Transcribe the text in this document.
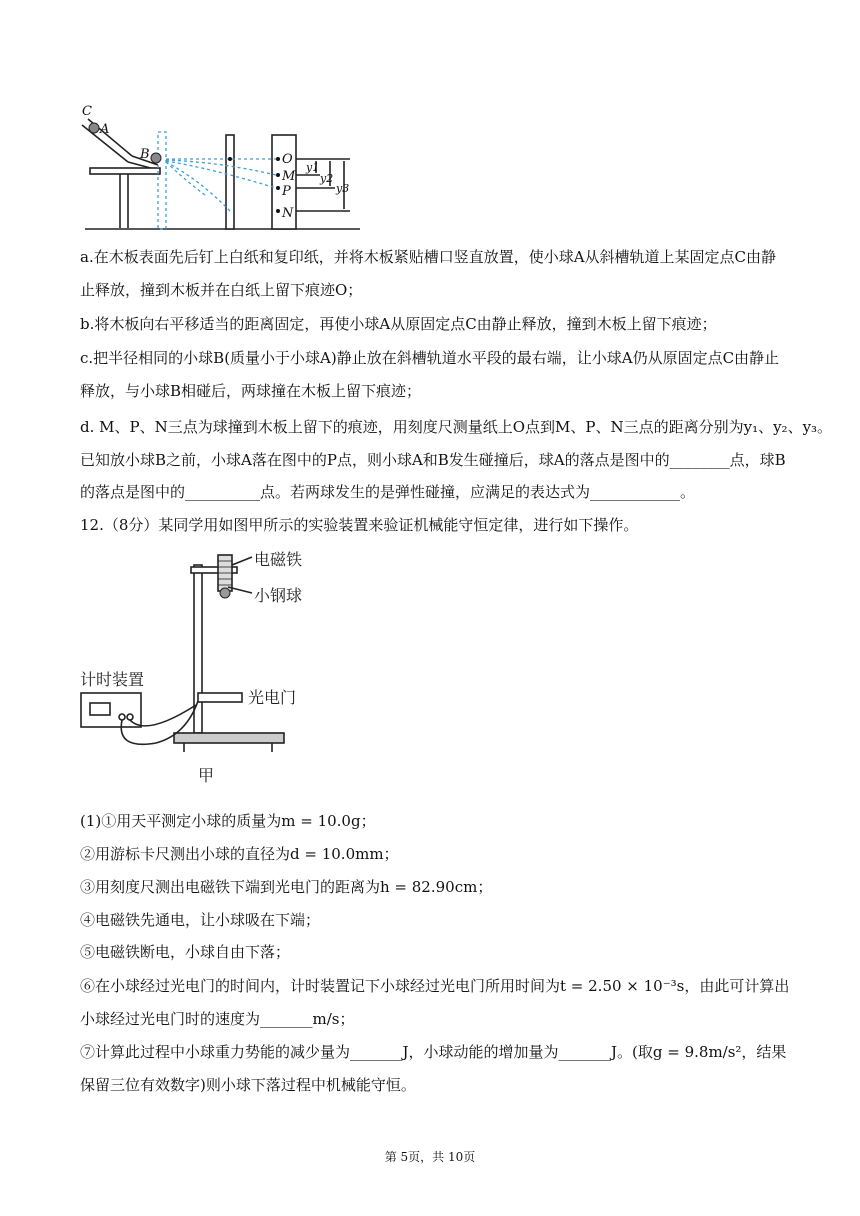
C
A
B	O
M
P
N
y1
y2
y3
a.在木板表面先后钉上白纸和复印纸，并将木板紧贴槽口竖直放置，使小球A从斜槽轨道上某固定点C由静
止释放，撞到木板并在白纸上留下痕迹O；
b.将木板向右平移适当的距离固定，再使小球A从原固定点C由静止释放，撞到木板上留下痕迹；
c.把半径相同的小球B(质量小于小球A)静止放在斜槽轨道水平段的最右端，让小球A仍从原固定点C由静止
释放，与小球B相碰后，两球撞在木板上留下痕迹；
d. M、P、N三点为球撞到木板上留下的痕迹，用刻度尺测量纸上O点到M、P、N三点的距离分别为y₁、y₂、y₃。
已知放小球B之前，小球A落在图中的P点，则小球A和B发生碰撞后，球A的落点是图中的________点，球B
的落点是图中的__________点。若两球发生的是弹性碰撞，应满足的表达式为____________。
12.（8分）某同学用如图甲所示的实验装置来验证机械能守恒定律，进行如下操作。
电磁铁
小钢球
计时装置
光电门
甲
(1)①用天平测定小球的质量为m = 10.0g；
②用游标卡尺测出小球的直径为d = 10.0mm；
③用刻度尺测出电磁铁下端到光电门的距离为h = 82.90cm；
④电磁铁先通电，让小球吸在下端；
⑤电磁铁断电，小球自由下落；
⑥在小球经过光电门的时间内，计时装置记下小球经过光电门所用时间为t = 2.50 × 10⁻³s，由此可计算出
小球经过光电门时的速度为_______m/s；
⑦计算此过程中小球重力势能的减少量为_______J，小球动能的增加量为_______J。(取g = 9.8m/s²，结果
保留三位有效数字)则小球下落过程中机械能守恒。
第 5页，共 10页
